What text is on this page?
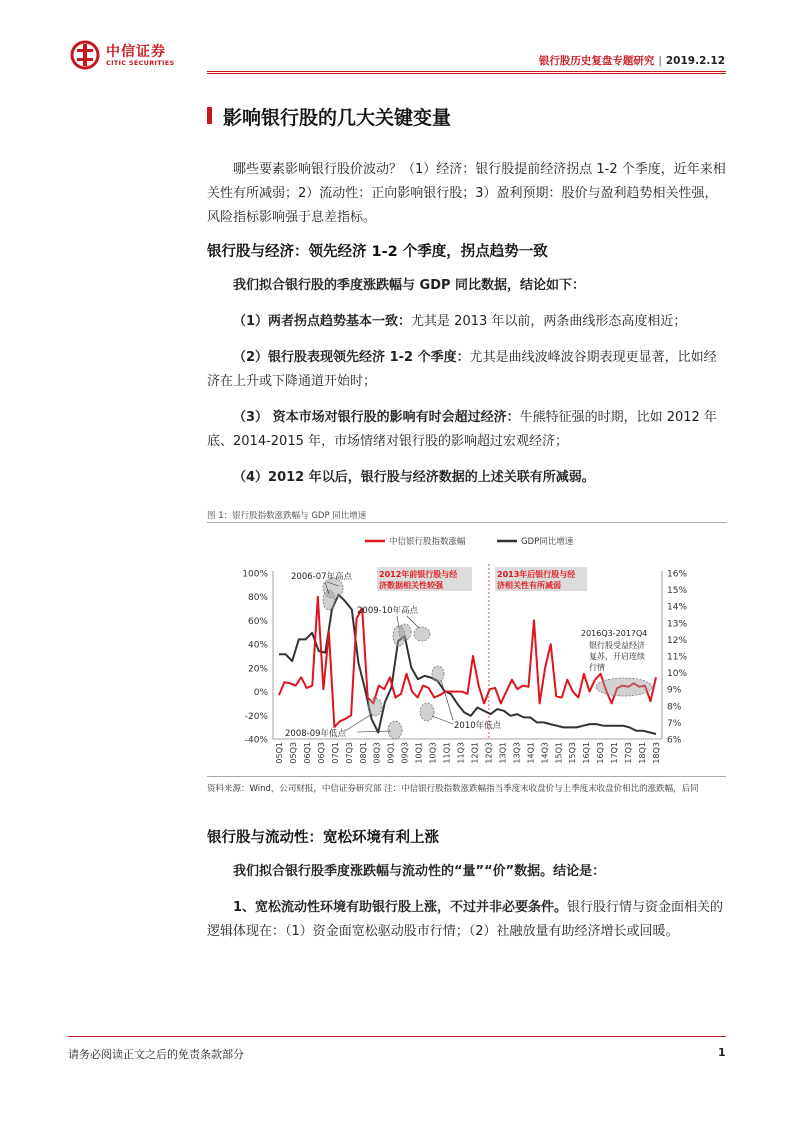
中信证券
CITIC SECURITIES	银行股历史复盘专题研究 | 2019.2.12
影响银行股的几大关键变量
哪些要素影响银行股价波动？（1）经济：银行股提前经济拐点 1-2 个季度，近年来相关性有所减弱；2）流动性：正向影响银行股；3）盈利预期：股价与盈利趋势相关性强，风险指标影响强于息差指标。
银行股与经济：领先经济 1-2 个季度，拐点趋势一致
我们拟合银行股的季度涨跌幅与 GDP 同比数据，结论如下：
（1）两者拐点趋势基本一致：尤其是 2013 年以前，两条曲线形态高度相近；
（2）银行股表现领先经济 1-2 个季度：尤其是曲线波峰波谷期表现更显著，比如经济在上升或下降通道开始时；
（3） 资本市场对银行股的影响有时会超过经济：牛熊特征强的时期，比如 2012 年底、2014-2015 年，市场情绪对银行股的影响超过宏观经济；
（4）2012 年以后，银行股与经济数据的上述关联有所减弱。
图 1：银行股指数涨跌幅与 GDP 同比增速
中信银行股指数涨幅	GDP同比增速
100%
80%
60%
40%
20%
0%
-20%
-40%
16%
15%
14%
13%
12%
11%
10%
9%
8%
7%
6%
05Q1 05Q3 06Q1 06Q3 07Q1 07Q3 08Q1 08Q3 09Q1 09Q3 10Q1 10Q3 11Q1 11Q3 12Q1 12Q3 13Q1 13Q3 14Q1 14Q3 15Q1 15Q3 16Q1 16Q3 17Q1 17Q3 18Q1 18Q3
2012年前银行股与经
济数据相关性较强
2013年后银行股与经
济相关性有所减弱
2006-07年高点
2009-10年高点
2008-09年低点
2010年低点
2016Q3-2017Q4
银行股受益经济
复苏，开启连续
行情
资料来源：Wind，公司财报，中信证券研究部 注：中信银行股指数涨跌幅指当季度末收盘价与上季度末收盘价相比的涨跌幅，后同
银行股与流动性：宽松环境有利上涨
我们拟合银行股季度涨跌幅与流动性的“量”“价”数据。结论是：
1、宽松流动性环境有助银行股上涨，不过并非必要条件。银行股行情与资金面相关的逻辑体现在：（1）资金面宽松驱动股市行情；（2）社融放量有助经济增长或回暖。
请务必阅读正文之后的免责条款部分	1
